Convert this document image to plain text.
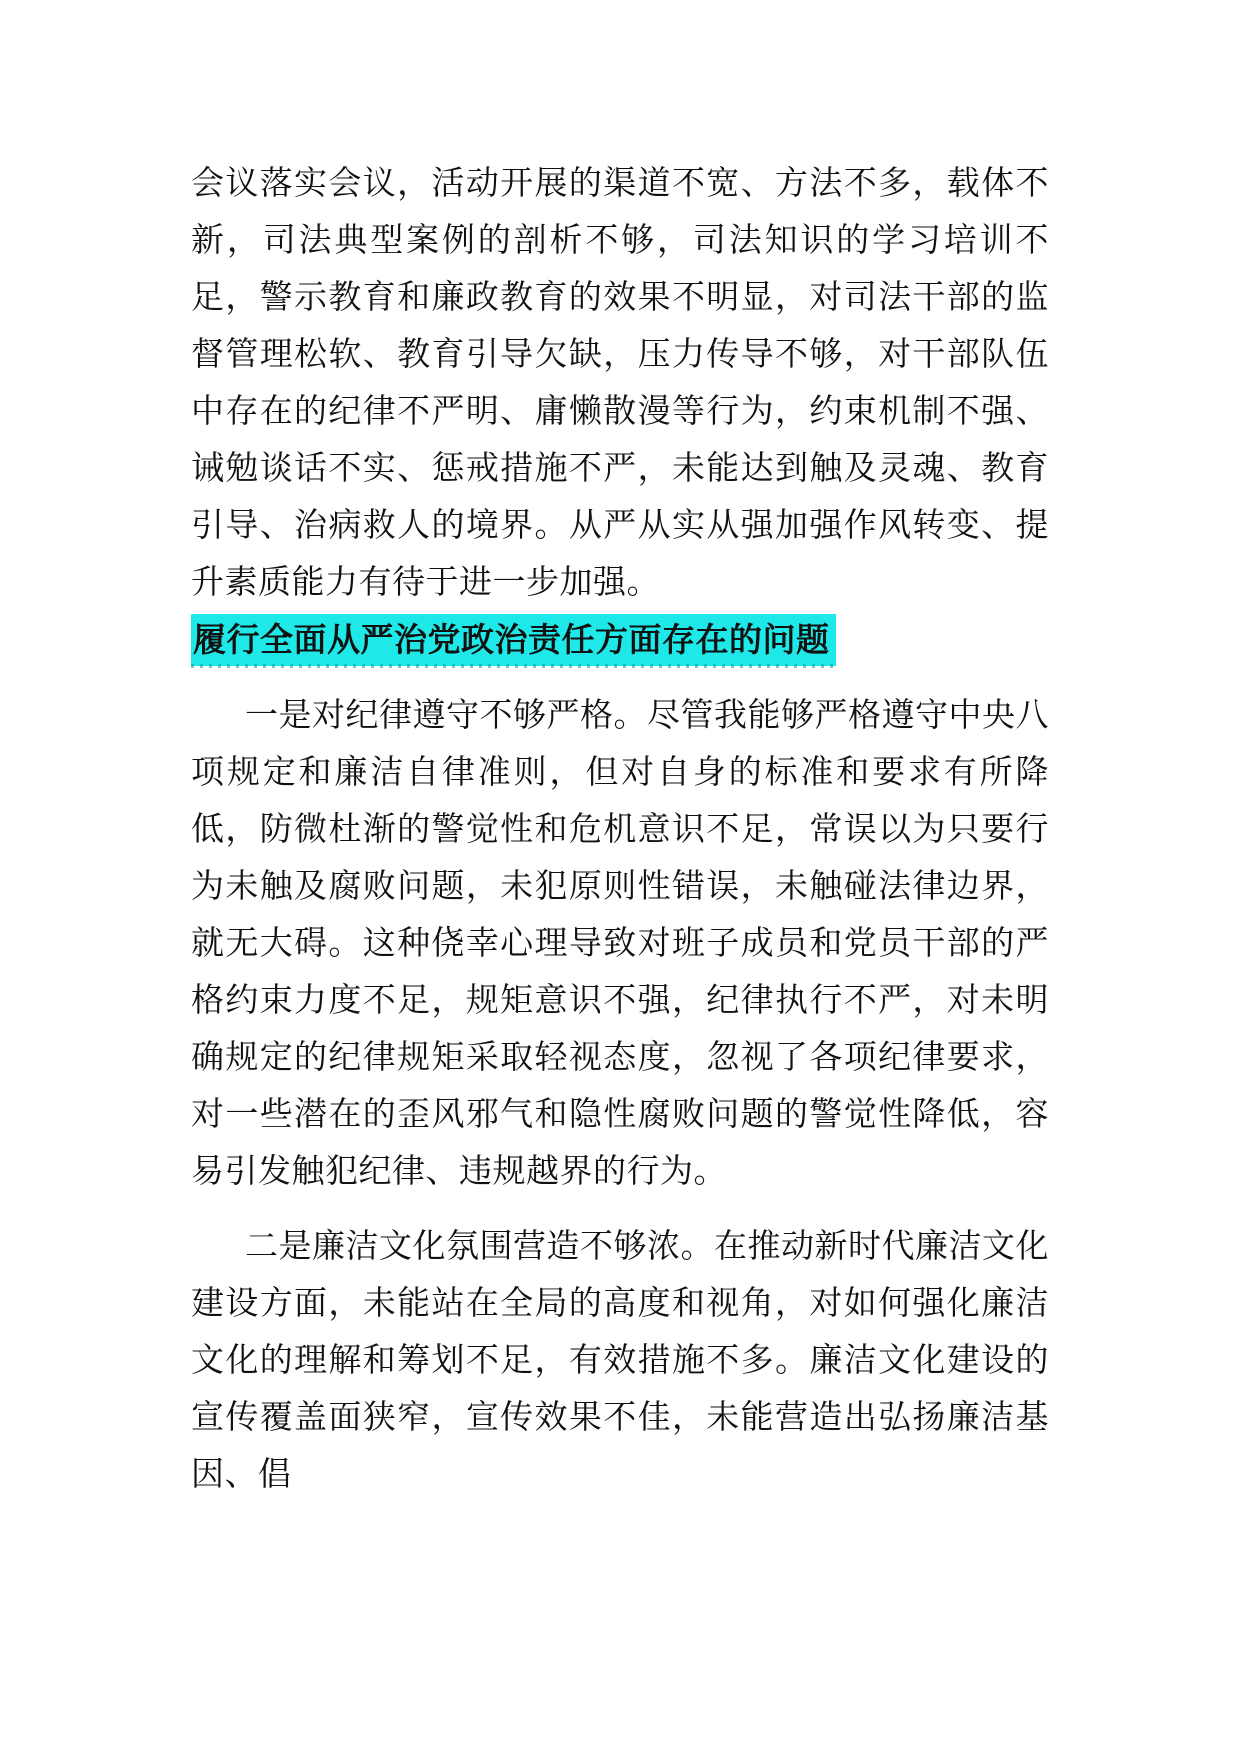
会议落实会议，活动开展的渠道不宽、方法不多，载体不新，司法典型案例的剖析不够，司法知识的学习培训不足，警示教育和廉政教育的效果不明显，对司法干部的监督管理松软、教育引导欠缺，压力传导不够，对干部队伍中存在的纪律不严明、庸懒散漫等行为，约束机制不强、诫勉谈话不实、惩戒措施不严，未能达到触及灵魂、教育引导、治病救人的境界。从严从实从强加强作风转变、提升素质能力有待于进一步加强。

履行全面从严治党政治责任方面存在的问题

一是对纪律遵守不够严格。尽管我能够严格遵守中央八项规定和廉洁自律准则，但对自身的标准和要求有所降低，防微杜渐的警觉性和危机意识不足，常误以为只要行为未触及腐败问题，未犯原则性错误，未触碰法律边界，就无大碍。这种侥幸心理导致对班子成员和党员干部的严格约束力度不足，规矩意识不强，纪律执行不严，对未明确规定的纪律规矩采取轻视态度，忽视了各项纪律要求，对一些潜在的歪风邪气和隐性腐败问题的警觉性降低，容易引发触犯纪律、违规越界的行为。

二是廉洁文化氛围营造不够浓。在推动新时代廉洁文化建设方面，未能站在全局的高度和视角，对如何强化廉洁文化的理解和筹划不足，有效措施不多。廉洁文化建设的宣传覆盖面狭窄，宣传效果不佳，未能营造出弘扬廉洁基因、倡
